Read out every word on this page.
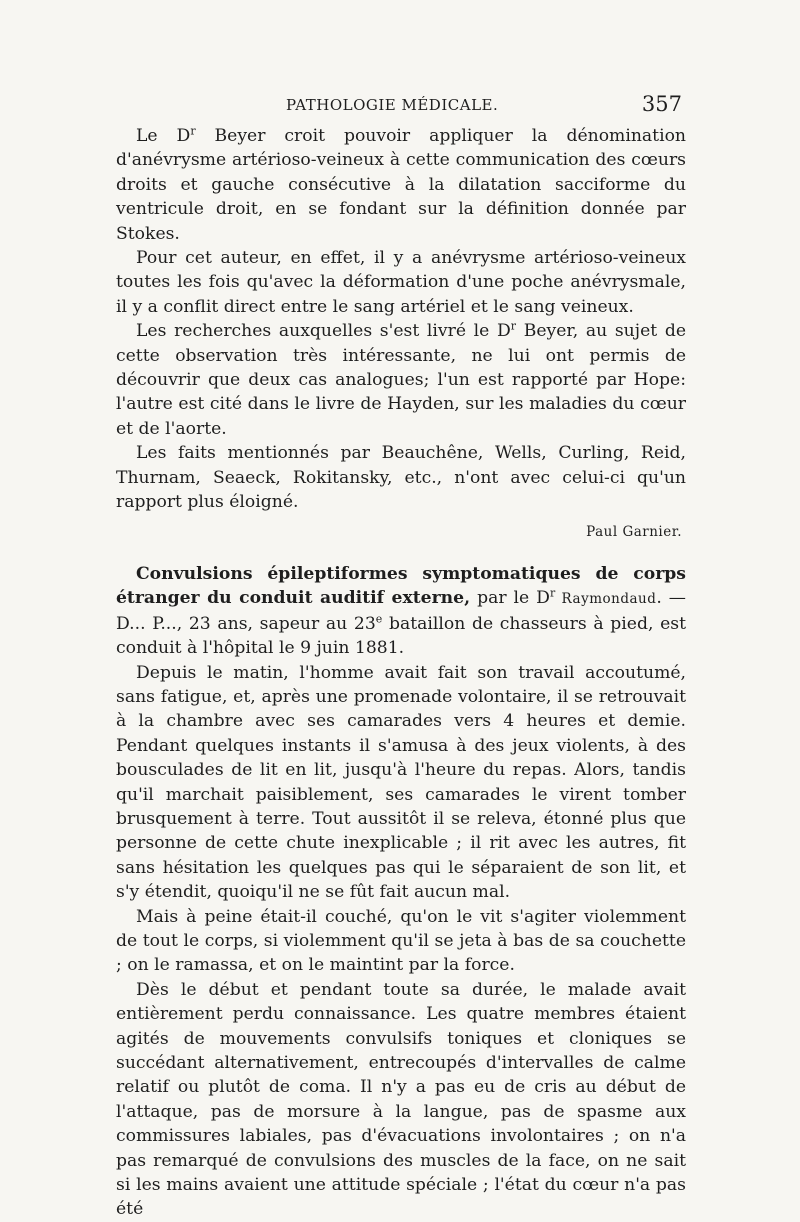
PATHOLOGIE MÉDICALE.	357

Le $D^r$ Beyer croit pouvoir appliquer la dénomination d'anévrysme artérioso-veineux à cette communication des cœurs droits et gauche consécutive à la dilatation sacciforme du ventricule droit, en se fondant sur la définition donnée par Stokes.

Pour cet auteur, en effet, il y a anévrysme artérioso-veineux toutes les fois qu'avec la déformation d'une poche anévrysmale, il y a conflit direct entre le sang artériel et le sang veineux.

Les recherches auxquelles s'est livré le $D^r$ Beyer, au sujet de cette observation très intéressante, ne lui ont permis de découvrir que deux cas analogues; l'un est rapporté par Hope: l'autre est cité dans le livre de Hayden, sur les maladies du cœur et de l'aorte.

Les faits mentionnés par Beauchêne, Wells, Curling, Reid, Thurnam, Seaeck, Rokitansky, etc., n'ont avec celui-ci qu'un rapport plus éloigné.

Paul Garnier.

Convulsions épileptiformes symptomatiques de corps étranger du conduit auditif externe, par le $D^r$ Raymondaud. — D... P..., 23 ans, sapeur au 23e bataillon de chasseurs à pied, est conduit à l'hôpital le 9 juin 1881.

Depuis le matin, l'homme avait fait son travail accoutumé, sans fatigue, et, après une promenade volontaire, il se retrouvait à la chambre avec ses camarades vers 4 heures et demie. Pendant quelques instants il s'amusa à des jeux violents, à des bousculades de lit en lit, jusqu'à l'heure du repas. Alors, tandis qu'il marchait paisiblement, ses camarades le virent tomber brusquement à terre. Tout aussitôt il se releva, étonné plus que personne de cette chute inexplicable ; il rit avec les autres, fit sans hésitation les quelques pas qui le séparaient de son lit, et s'y étendit, quoiqu'il ne se fût fait aucun mal.

Mais à peine était-il couché, qu'on le vit s'agiter violemment de tout le corps, si violemment qu'il se jeta à bas de sa couchette ; on le ramassa, et on le maintint par la force.

Dès le début et pendant toute sa durée, le malade avait entièrement perdu connaissance. Les quatre membres étaient agités de mouvements convulsifs toniques et cloniques se succédant alternativement, entrecoupés d'intervalles de calme relatif ou plutôt de coma. Il n'y a pas eu de cris au début de l'attaque, pas de morsure à la langue, pas de spasme aux commissures labiales, pas d'évacuations involontaires ; on n'a pas remarqué de convulsions des muscles de la face, on ne sait si les mains avaient une attitude spéciale ; l'état du cœur n'a pas été
